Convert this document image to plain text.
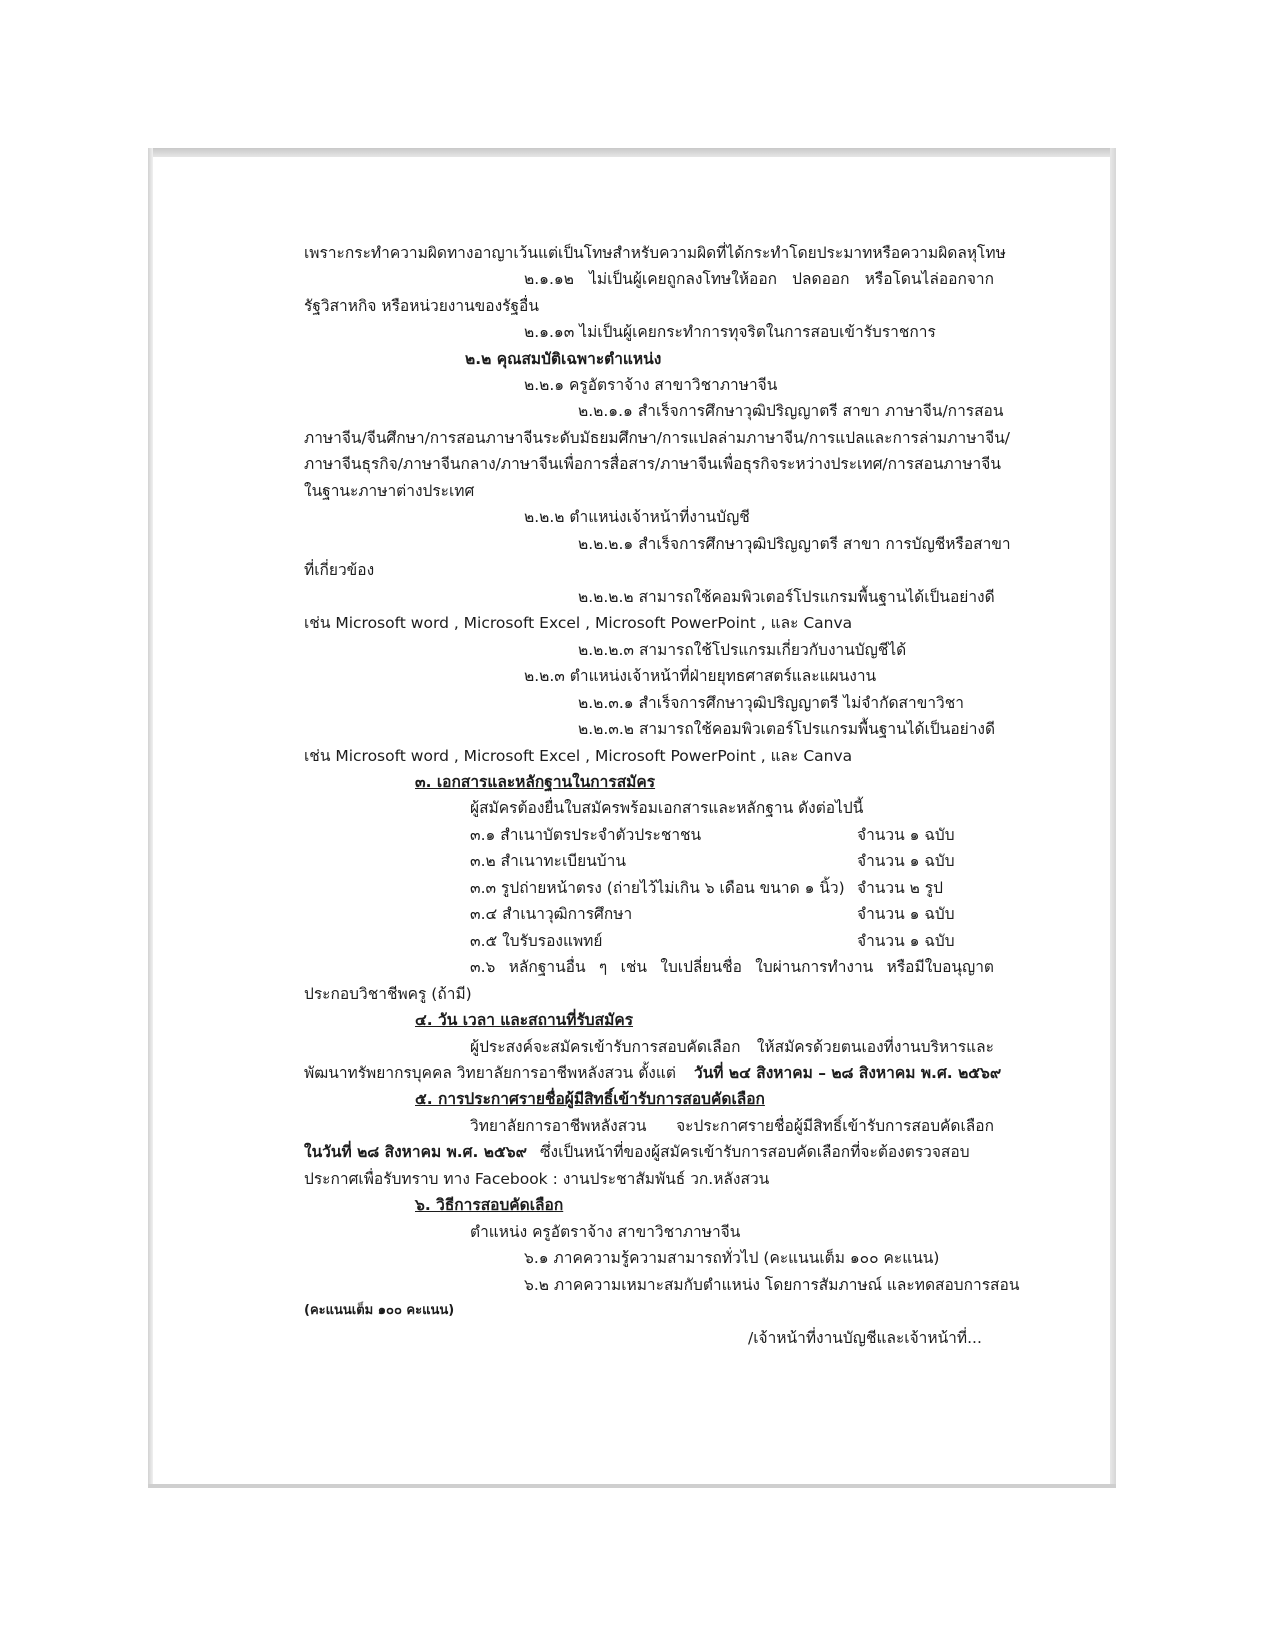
เพราะกระทำความผิดทางอาญาเว้นแต่เป็นโทษสำหรับความผิดที่ได้กระทำโดยประมาทหรือความผิดลหุโทษ
๒.๑.๑๒ ไม่เป็นผู้เคยถูกลงโทษให้ออก ปลดออก หรือโดนไล่ออกจาก
รัฐวิสาหกิจ หรือหน่วยงานของรัฐอื่น
๒.๑.๑๓ ไม่เป็นผู้เคยกระทำการทุจริตในการสอบเข้ารับราชการ
๒.๒ คุณสมบัติเฉพาะตำแหน่ง
๒.๒.๑ ครูอัตราจ้าง สาขาวิชาภาษาจีน
๒.๒.๑.๑ สำเร็จการศึกษาวุฒิปริญญาตรี สาขา ภาษาจีน/การสอน
ภาษาจีน/จีนศึกษา/การสอนภาษาจีนระดับมัธยมศึกษา/การแปลล่ามภาษาจีน/การแปลและการล่ามภาษาจีน/
ภาษาจีนธุรกิจ/ภาษาจีนกลาง/ภาษาจีนเพื่อการสื่อสาร/ภาษาจีนเพื่อธุรกิจระหว่างประเทศ/การสอนภาษาจีน
ในฐานะภาษาต่างประเทศ
๒.๒.๒ ตำแหน่งเจ้าหน้าที่งานบัญชี
๒.๒.๒.๑ สำเร็จการศึกษาวุฒิปริญญาตรี สาขา การบัญชีหรือสาขา
ที่เกี่ยวข้อง
๒.๒.๒.๒ สามารถใช้คอมพิวเตอร์โปรแกรมพื้นฐานได้เป็นอย่างดี
เช่น Microsoft word , Microsoft Excel , Microsoft PowerPoint , และ Canva
๒.๒.๒.๓ สามารถใช้โปรแกรมเกี่ยวกับงานบัญชีได้
๒.๒.๓ ตำแหน่งเจ้าหน้าที่ฝ่ายยุทธศาสตร์และแผนงาน
๒.๒.๓.๑ สำเร็จการศึกษาวุฒิปริญญาตรี ไม่จำกัดสาขาวิชา
๒.๒.๓.๒ สามารถใช้คอมพิวเตอร์โปรแกรมพื้นฐานได้เป็นอย่างดี
เช่น Microsoft word , Microsoft Excel , Microsoft PowerPoint , และ Canva
๓. เอกสารและหลักฐานในการสมัคร
ผู้สมัครต้องยื่นใบสมัครพร้อมเอกสารและหลักฐาน ดังต่อไปนี้
๓.๑ สำเนาบัตรประจำตัวประชาชน	จำนวน ๑ ฉบับ
๓.๒ สำเนาทะเบียนบ้าน	จำนวน ๑ ฉบับ
๓.๓ รูปถ่ายหน้าตรง (ถ่ายไว้ไม่เกิน ๖ เดือน ขนาด ๑ นิ้ว) จำนวน ๒ รูป
๓.๔ สำเนาวุฒิการศึกษา	จำนวน ๑ ฉบับ
๓.๕ ใบรับรองแพทย์	จำนวน ๑ ฉบับ
๓.๖ หลักฐานอื่น ๆ เช่น ใบเปลี่ยนชื่อ ใบผ่านการทำงาน หรือมีใบอนุญาต
ประกอบวิชาชีพครู (ถ้ามี)
๔. วัน เวลา และสถานที่รับสมัคร
ผู้ประสงค์จะสมัครเข้ารับการสอบคัดเลือก ให้สมัครด้วยตนเองที่งานบริหารและ
พัฒนาทรัพยากรบุคคล วิทยาลัยการอาชีพหลังสวน ตั้งแต่ วันที่ ๒๔ สิงหาคม – ๒๘ สิงหาคม พ.ศ. ๒๕๖๙
๕. การประกาศรายชื่อผู้มีสิทธิ์เข้ารับการสอบคัดเลือก
วิทยาลัยการอาชีพหลังสวน จะประกาศรายชื่อผู้มีสิทธิ์เข้ารับการสอบคัดเลือก
ในวันที่ ๒๘ สิงหาคม พ.ศ. ๒๕๖๙ ซึ่งเป็นหน้าที่ของผู้สมัครเข้ารับการสอบคัดเลือกที่จะต้องตรวจสอบ
ประกาศเพื่อรับทราบ ทาง Facebook : งานประชาสัมพันธ์ วก.หลังสวน
๖. วิธีการสอบคัดเลือก
ตำแหน่ง ครูอัตราจ้าง สาขาวิชาภาษาจีน
๖.๑ ภาคความรู้ความสามารถทั่วไป (คะแนนเต็ม ๑๐๐ คะแนน)
๖.๒ ภาคความเหมาะสมกับตำแหน่ง โดยการสัมภาษณ์ และทดสอบการสอน
(คะแนนเต็ม ๑๐๐ คะแนน)
/เจ้าหน้าที่งานบัญชีและเจ้าหน้าที่...
